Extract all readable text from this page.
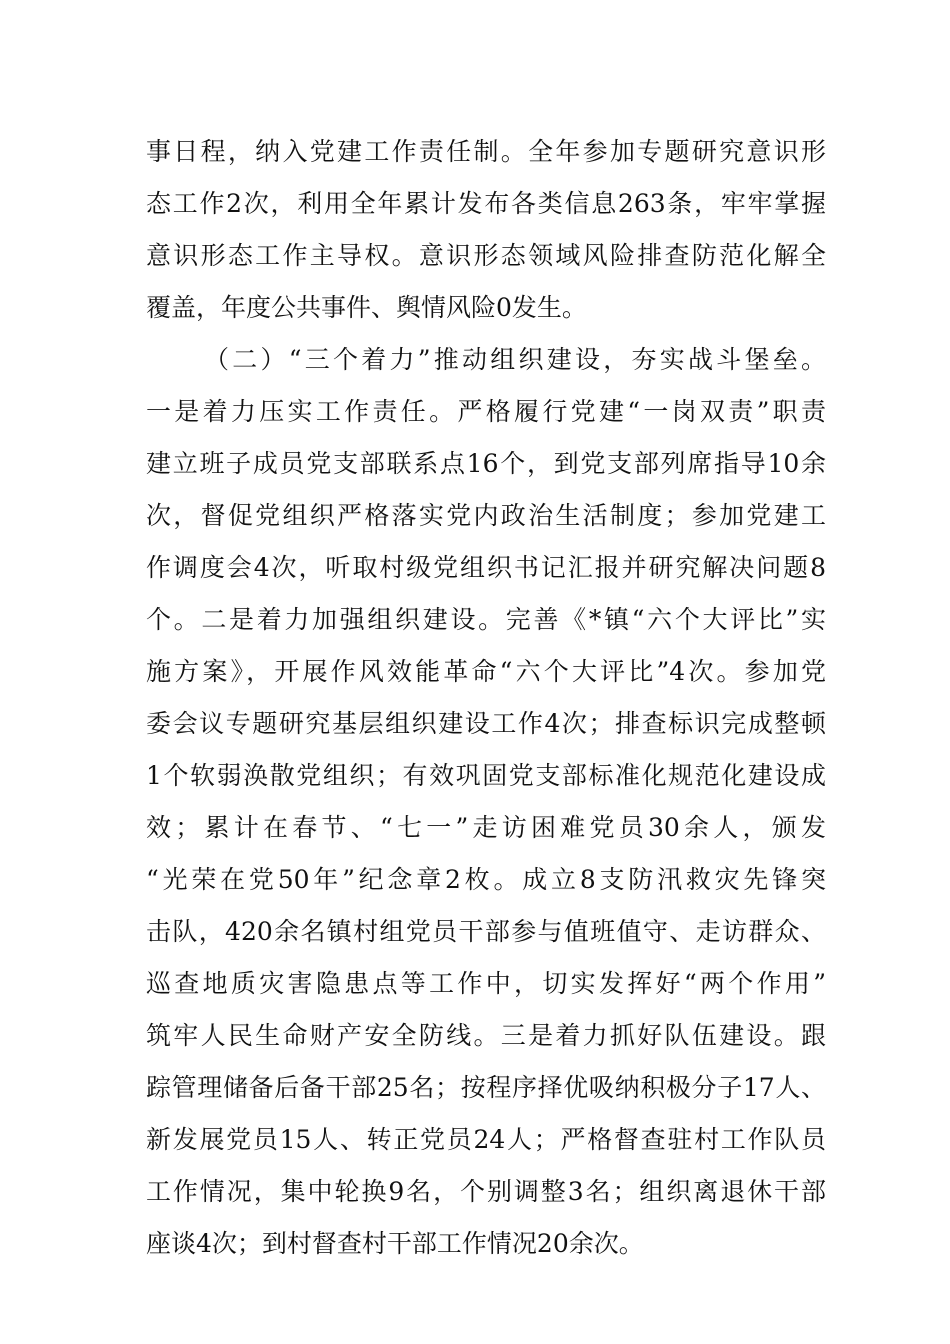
事日程，纳入党建工作责任制。全年参加专题研究意识形
态工作2次，利用全年累计发布各类信息263条，牢牢掌握
意识形态工作主导权。意识形态领域风险排查防范化解全
覆盖，年度公共事件、舆情风险0发生。
（二）“三个着力”推动组织建设，夯实战斗堡垒。
一是着力压实工作责任。严格履行党建“一岗双责”职责
建立班子成员党支部联系点16个，到党支部列席指导10余
次，督促党组织严格落实党内政治生活制度；参加党建工
作调度会4次，听取村级党组织书记汇报并研究解决问题8
个。二是着力加强组织建设。完善《*镇“六个大评比”实
施方案》，开展作风效能革命“六个大评比”4次。参加党
委会议专题研究基层组织建设工作4次；排查标识完成整顿
1个软弱涣散党组织；有效巩固党支部标准化规范化建设成
效；累计在春节、“七一”走访困难党员30余人，颁发
“光荣在党50年”纪念章2枚。成立8支防汛救灾先锋突
击队，420余名镇村组党员干部参与值班值守、走访群众、
巡查地质灾害隐患点等工作中，切实发挥好“两个作用”
筑牢人民生命财产安全防线。三是着力抓好队伍建设。跟
踪管理储备后备干部25名；按程序择优吸纳积极分子17人、
新发展党员15人、转正党员24人；严格督查驻村工作队员
工作情况，集中轮换9名，个别调整3名；组织离退休干部
座谈4次；到村督查村干部工作情况20余次。
